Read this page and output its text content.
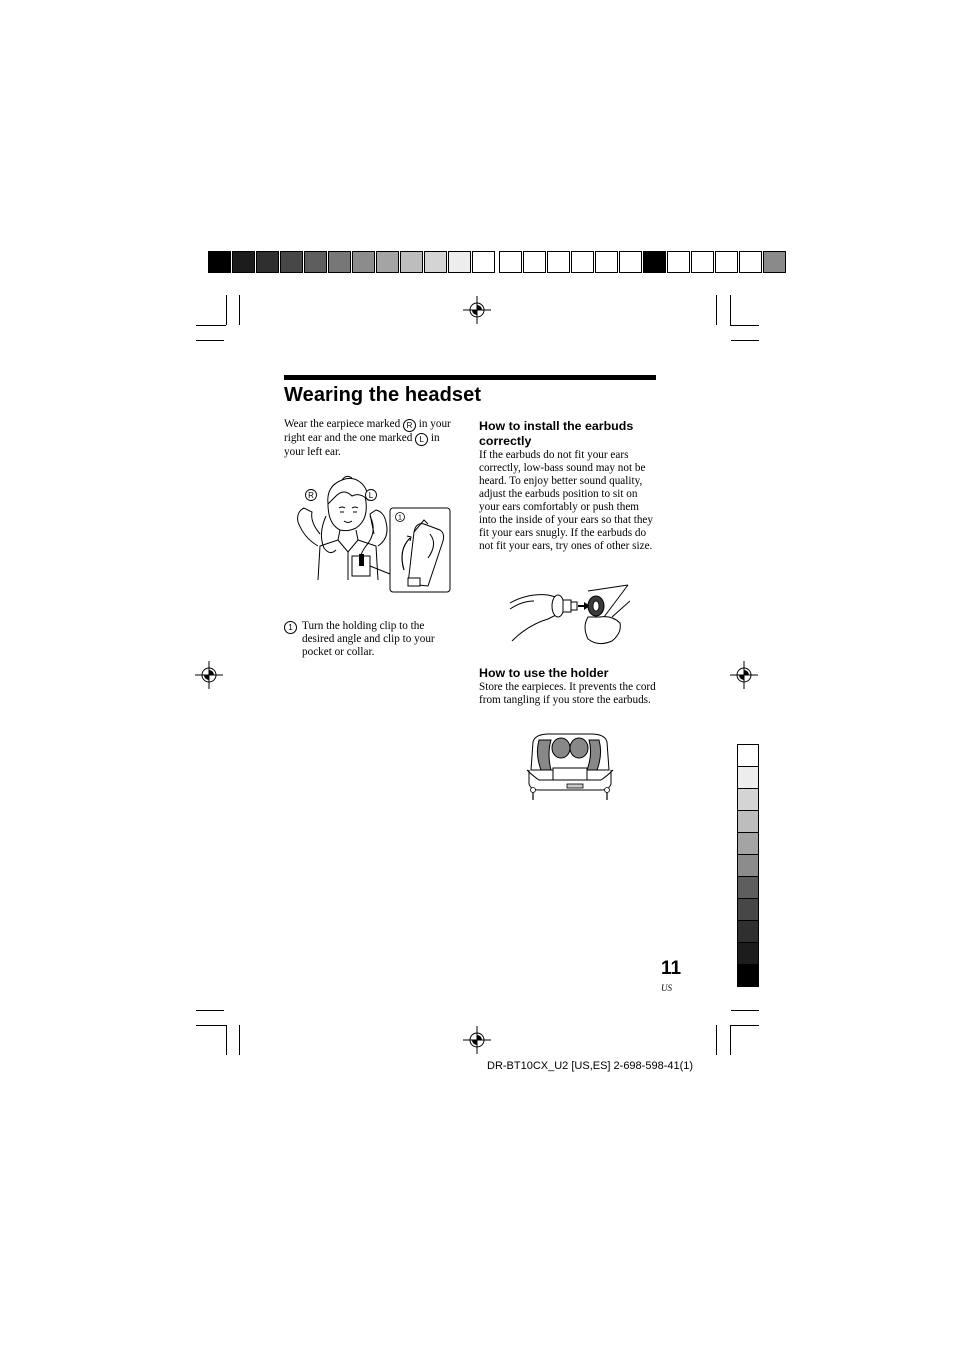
Wearing the headset
Wear the earpiece marked R in your right ear and the one marked L in your left ear.
R	L
1
1 Turn the holding clip to the desired angle and clip to your pocket or collar.
How to install the earbuds correctly
If the earbuds do not fit your ears correctly, low-bass sound may not be heard. To enjoy better sound quality, adjust the earbuds position to sit on your ears comfortably or push them into the inside of your ears so that they fit your ears snugly. If the earbuds do not fit your ears, try ones of other size.
How to use the holder
Store the earpieces. It prevents the cord from tangling if you store the earbuds.
11
US
DR-BT10CX_U2 [US,ES] 2-698-598-41(1)
